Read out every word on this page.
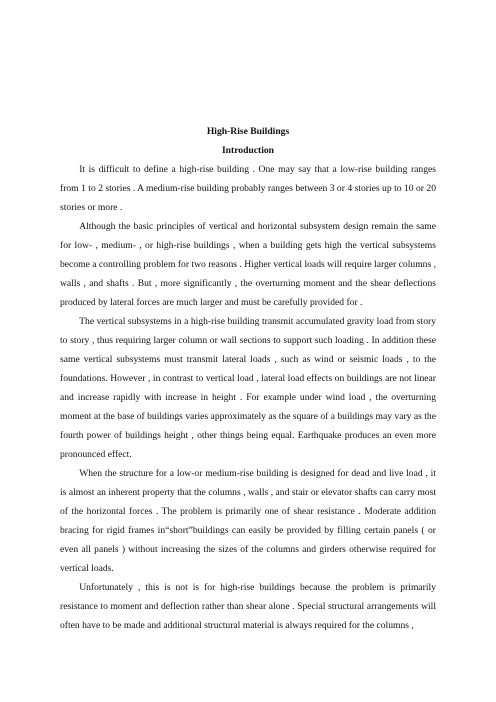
High-Rise Buildings

Introduction

It is difficult to define a high-rise building . One may say that a low-rise building ranges from 1 to 2 stories . A medium-rise building probably ranges between 3 or 4 stories up to 10 or 20 stories or more .

Although the basic principles of vertical and horizontal subsystem design remain the same for low- , medium- , or high-rise buildings , when a building gets high the vertical subsystems become a controlling problem for two reasons . Higher vertical loads will require larger columns , walls , and shafts . But , more significantly , the overturning moment and the shear deflections produced by lateral forces are much larger and must be carefully provided for .

The vertical subsystems in a high-rise building transmit accumulated gravity load from story to story , thus requiring larger column or wall sections to support such loading . In addition these same vertical subsystems must transmit lateral loads , such as wind or seismic loads , to the foundations. However , in contrast to vertical load , lateral load effects on buildings are not linear and increase rapidly with increase in height . For example under wind load , the overturning moment at the base of buildings varies approximately as the square of a buildings may vary as the fourth power of buildings height , other things being equal. Earthquake produces an even more pronounced effect.

When the structure for a low-or medium-rise building is designed for dead and live load , it is almost an inherent property that the columns , walls , and stair or elevator shafts can carry most of the horizontal forces . The problem is primarily one of shear resistance . Moderate addition bracing for rigid frames in“short”buildings can easily be provided by filling certain panels ( or even all panels ) without increasing the sizes of the columns and girders otherwise required for vertical loads.

Unfortunately , this is not is for high-rise buildings because the problem is primarily resistance to moment and deflection rather than shear alone . Special structural arrangements will often have to be made and additional structural material is always required for the columns ,
